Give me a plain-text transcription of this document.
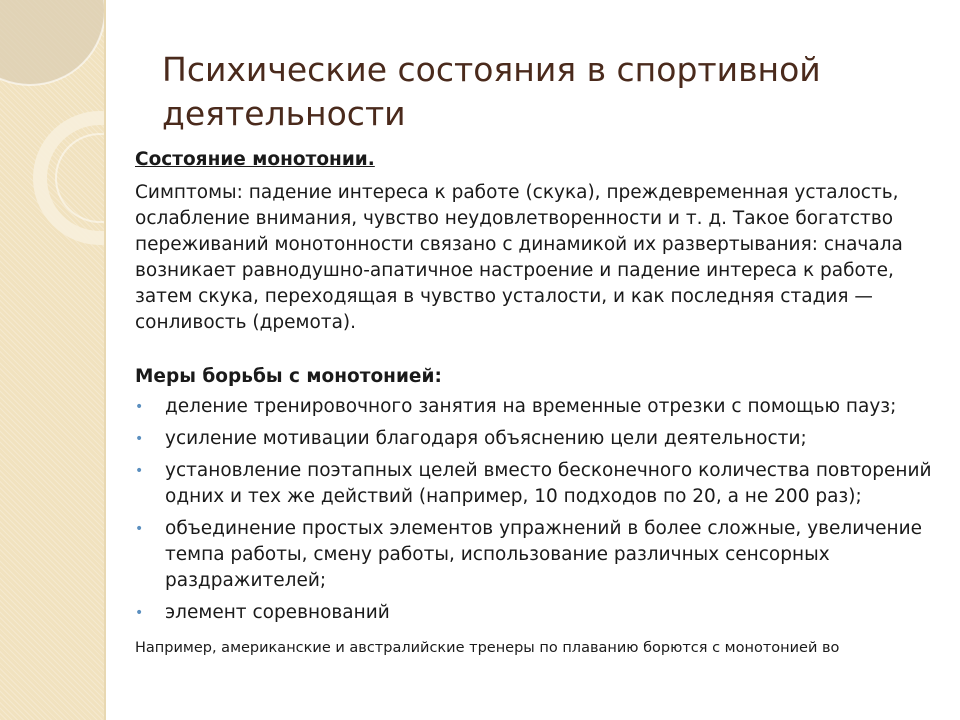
Психические состояния в спортивной деятельности
Состояние монотонии.

Симптомы: падение интереса к работе (скука), преждевременная усталость, ослабление внимания, чувство неудовлетворенности и т. д. Такое богатство переживаний монотонности связано с динамикой их развертывания: сначала возникает равнодушно-апатичное настроение и падение интереса к работе, затем скука, переходящая в чувство усталости, и как последняя стадия — сонливость (дремота).

Меры борьбы с монотонией:
• деление тренировочного занятия на временные отрезки с помощью пауз;
• усиление мотивации благодаря объяснению цели деятельности;
• установление поэтапных целей вместо бесконечного количества повторений одних и тех же действий (например, 10 подходов по 20, а не 200 раз);
• объединение простых элементов упражнений в более сложные, увеличение темпа работы, смену работы, использование различных сенсорных раздражителей;
• элемент соревнований

Например, американские и австралийские тренеры по плаванию борются с монотонией во
